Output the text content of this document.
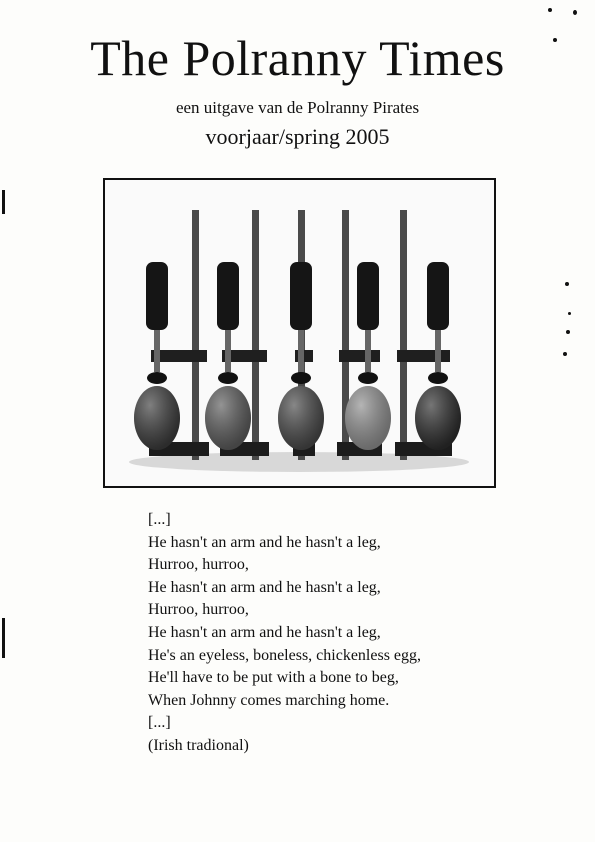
The Polranny Times
een uitgave van de Polranny Pirates
voorjaar/spring 2005
[...]
He hasn't an arm and he hasn't a leg,
Hurroo, hurroo,
He hasn't an arm and he hasn't a leg,
Hurroo, hurroo,
He hasn't an arm and he hasn't a leg,
He's an eyeless, boneless, chickenless egg,
He'll have to be put with a bone to beg,
When Johnny comes marching home.
[...]
(Irish tradional)
